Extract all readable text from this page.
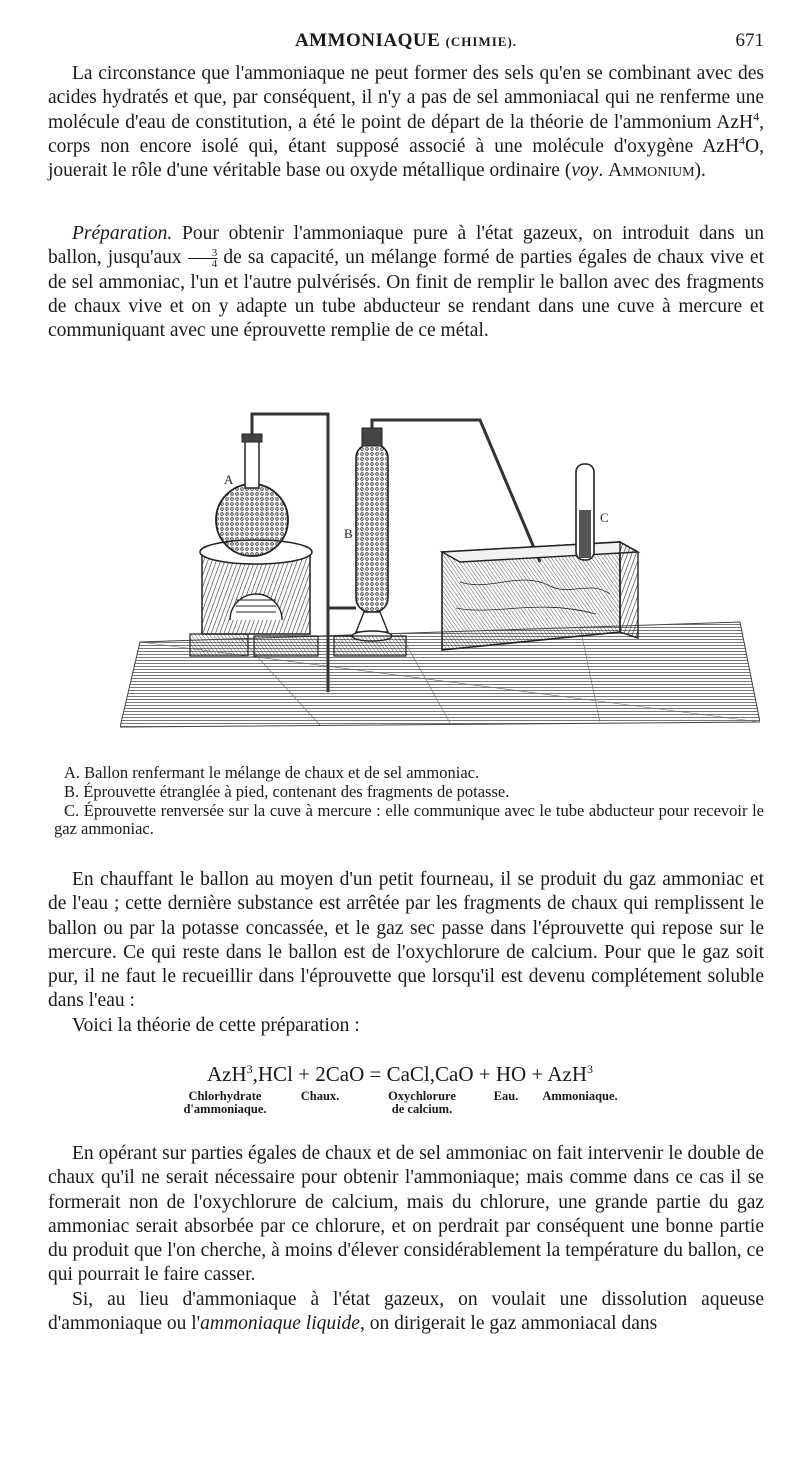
AMMONIAQUE (CHIMIE).	671

La circonstance que l'ammoniaque ne peut former des sels qu'en se combinant avec des acides hydratés et que, par conséquent, il n'y a pas de sel ammoniacal qui ne renferme une molécule d'eau de constitution, a été le point de départ de la théorie de l'ammonium AzH$^4$, corps non encore isolé qui, étant supposé associé à une molécule d'oxygène AzH$^4$O, jouerait le rôle d'une véritable base ou oxyde métallique ordinaire (voy. Ammonium).

Préparation. Pour obtenir l'ammoniaque pure à l'état gazeux, on introduit dans un ballon, jusqu'aux $\frac{3}{4}$ de sa capacité, un mélange formé de parties égales de chaux vive et de sel ammoniac, l'un et l'autre pulvérisés. On finit de remplir le ballon avec des fragments de chaux vive et on y adapte un tube abducteur se rendant dans une cuve à mercure et communiquant avec une éprouvette remplie de ce métal.

A
B
C
A. Ballon renfermant le mélange de chaux et de sel ammoniac.
B. Éprouvette étranglée à pied, contenant des fragments de potasse.
C. Éprouvette renversée sur la cuve à mercure : elle communique avec le tube abducteur pour recevoir le gaz ammoniac.

En chauffant le ballon au moyen d'un petit fourneau, il se produit du gaz ammoniac et de l'eau ; cette dernière substance est arrêtée par les fragments de chaux qui remplissent le ballon ou par la potasse concassée, et le gaz sec passe dans l'éprouvette qui repose sur le mercure. Ce qui reste dans le ballon est de l'oxychlorure de calcium. Pour que le gaz soit pur, il ne faut le recueillir dans l'éprouvette que lorsqu'il est devenu complétement soluble dans l'eau :
Voici la théorie de cette préparation :

AzH$^3$,HCl + 2CaO = CaCl,CaO + HO + AzH$^3$
Chlorhydrate
d'ammoniaque.
Chaux.	Oxychlorure
de calcium.
Eau.	Ammoniaque.

En opérant sur parties égales de chaux et de sel ammoniac on fait intervenir le double de chaux qu'il ne serait nécessaire pour obtenir l'ammoniaque; mais comme dans ce cas il se formerait non de l'oxychlorure de calcium, mais du chlorure, une grande partie du gaz ammoniac serait absorbée par ce chlorure, et on perdrait par conséquent une bonne partie du produit que l'on cherche, à moins d'élever considérablement la température du ballon, ce qui pourrait le faire casser.
Si, au lieu d'ammoniaque à l'état gazeux, on voulait une dissolution aqueuse d'ammoniaque ou l'ammoniaque liquide, on dirigerait le gaz ammoniacal dans
